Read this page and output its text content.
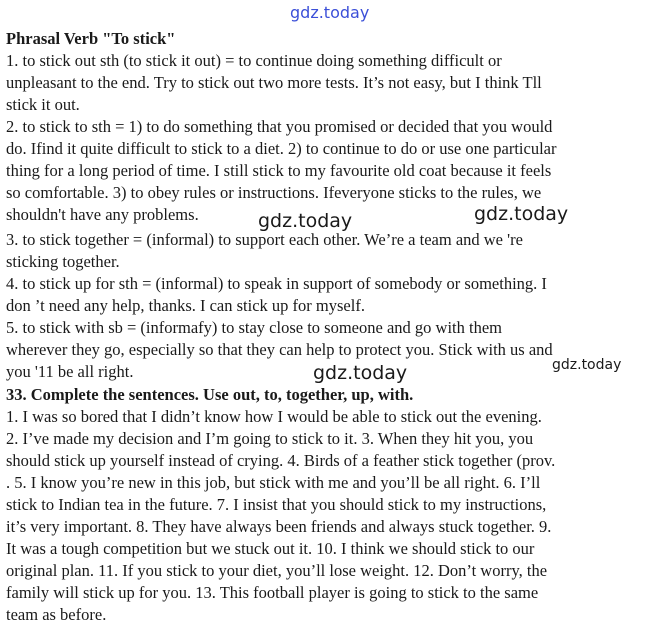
gdz.today
Phrasal Verb "To stick"
1. to stick out sth (to stick it out) = to continue doing something difficult or
unpleasant to the end. Try to stick out two more tests. It’s not easy, but I think Tll
stick it out.
2. to stick to sth = 1) to do something that you promised or decided that you would
do. Ifind it quite difficult to stick to a diet. 2) to continue to do or use one particular
thing for a long period of time. I still stick to my favourite old coat because it feels
so comfortable. 3) to obey rules or instructions. Ifeveryone sticks to the rules, we
shouldn't have any problems.	gdz.today	gdz.today
3. to stick together = (informal) to support each other. We’re a team and we 're
sticking together.
4. to stick up for sth = (informal) to speak in support of somebody or something. I
don ’t need any help, thanks. I can stick up for myself.
5. to stick with sb = (informafy) to stay close to someone and go with them
wherever they go, especially so that they can help to protect you. Stick with us and
you '11 be all right.	gdz.today	gdz.today
33. Complete the sentences. Use out, to, together, up, with.
1. I was so bored that I didn’t know how I would be able to stick out the evening.
2. I’ve made my decision and I’m going to stick to it. 3. When they hit you, you
should stick up yourself instead of crying. 4. Birds of a feather stick together (prov.
. 5. I know you’re new in this job, but stick with me and you’ll be all right. 6. I’ll
stick to Indian tea in the future. 7. I insist that you should stick to my instructions,
it’s very important. 8. They have always been friends and always stuck together. 9.
It was a tough competition but we stuck out it. 10. I think we should stick to our
original plan. 11. If you stick to your diet, you’ll lose weight. 12. Don’t worry, the
family will stick up for you. 13. This football player is going to stick to the same
team as before.
